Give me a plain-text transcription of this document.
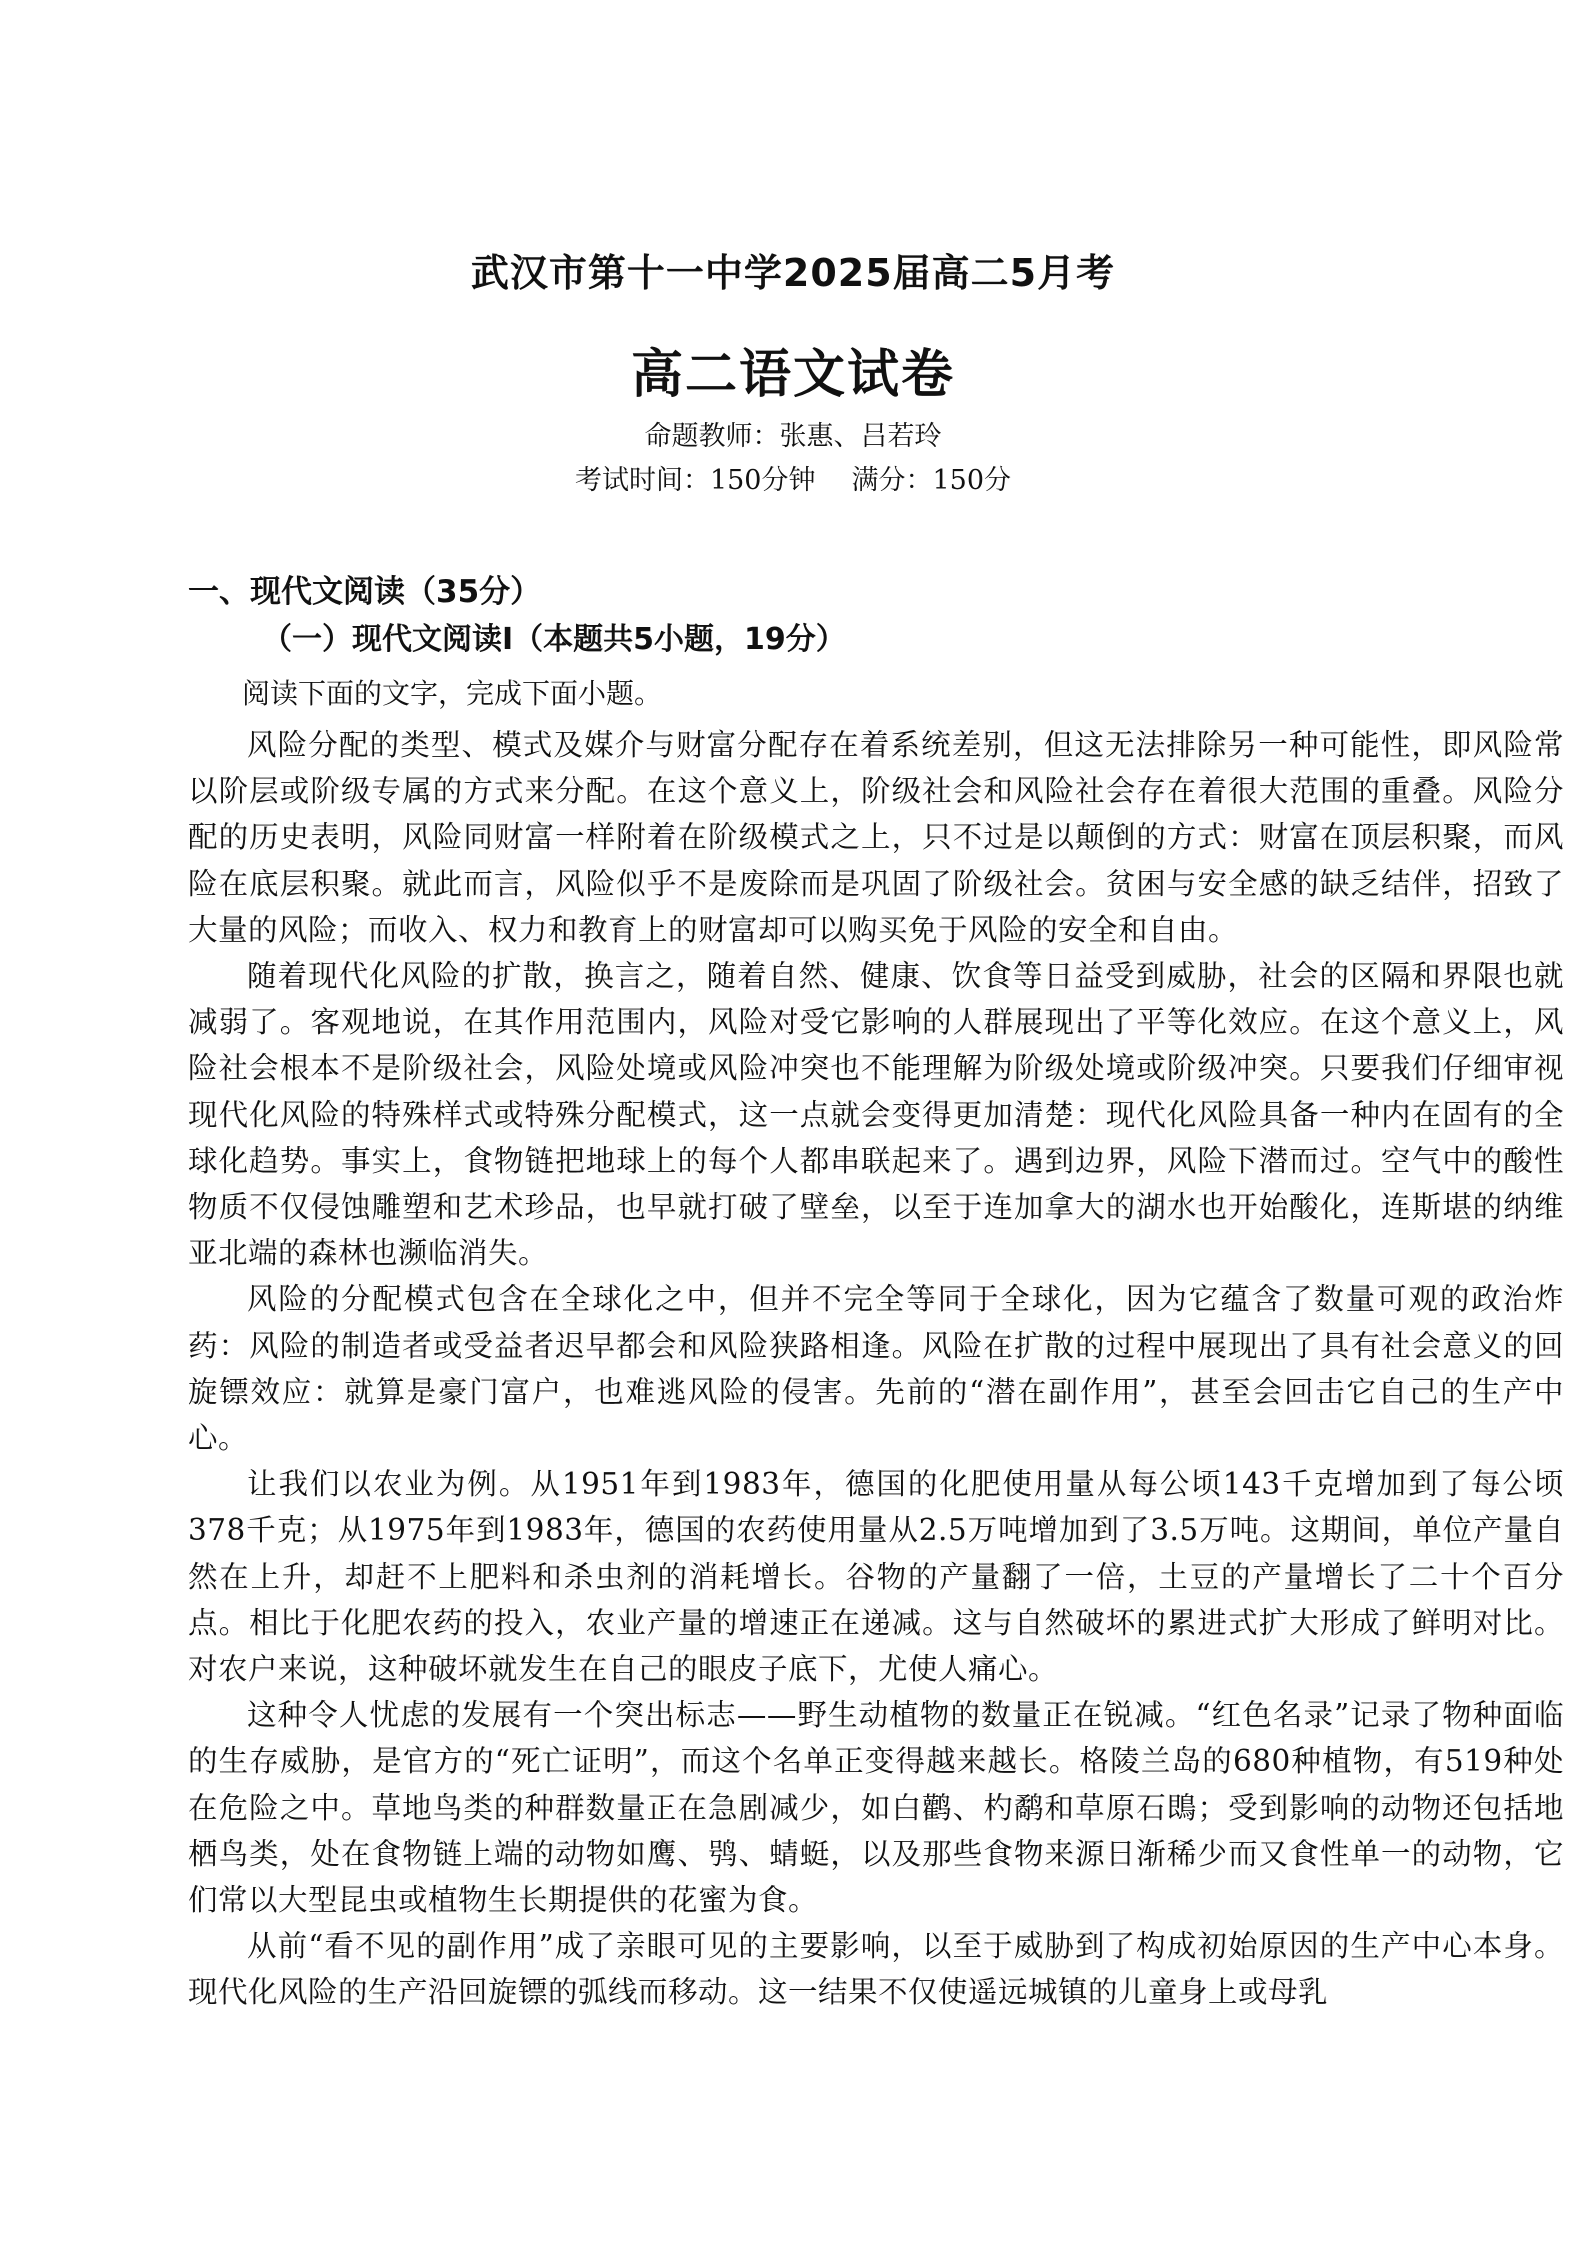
武汉市第十一中学2025届高二5月考
高二语文试卷
命题教师：张惠、吕若玲
考试时间：150分钟 满分：150分
一、现代文阅读（35分）
（一）现代文阅读Ⅰ（本题共5小题，19分）
阅读下面的文字，完成下面小题。

风险分配的类型、模式及媒介与财富分配存在着系统差别，但这无法排除另一种可能性，即风险常以阶层或阶级专属的方式来分配。在这个意义上，阶级社会和风险社会存在着很大范围的重叠。风险分配的历史表明，风险同财富一样附着在阶级模式之上，只不过是以颠倒的方式：财富在顶层积聚，而风险在底层积聚。就此而言，风险似乎不是废除而是巩固了阶级社会。贫困与安全感的缺乏结伴，招致了大量的风险；而收入、权力和教育上的财富却可以购买免于风险的安全和自由。

随着现代化风险的扩散，换言之，随着自然、健康、饮食等日益受到威胁，社会的区隔和界限也就减弱了。客观地说，在其作用范围内，风险对受它影响的人群展现出了平等化效应。在这个意义上，风险社会根本不是阶级社会，风险处境或风险冲突也不能理解为阶级处境或阶级冲突。只要我们仔细审视现代化风险的特殊样式或特殊分配模式，这一点就会变得更加清楚：现代化风险具备一种内在固有的全球化趋势。事实上，食物链把地球上的每个人都串联起来了。遇到边界，风险下潜而过。空气中的酸性物质不仅侵蚀雕塑和艺术珍品，也早就打破了壁垒，以至于连加拿大的湖水也开始酸化，连斯堪的纳维亚北端的森林也濒临消失。

风险的分配模式包含在全球化之中，但并不完全等同于全球化，因为它蕴含了数量可观的政治炸药：风险的制造者或受益者迟早都会和风险狭路相逢。风险在扩散的过程中展现出了具有社会意义的回旋镖效应：就算是豪门富户，也难逃风险的侵害。先前的“潜在副作用”，甚至会回击它自己的生产中心。

让我们以农业为例。从1951年到1983年，德国的化肥使用量从每公顷143千克增加到了每公顷378千克；从1975年到1983年，德国的农药使用量从2.5万吨增加到了3.5万吨。这期间，单位产量自然在上升，却赶不上肥料和杀虫剂的消耗增长。谷物的产量翻了一倍，土豆的产量增长了二十个百分点。相比于化肥农药的投入，农业产量的增速正在递减。这与自然破坏的累进式扩大形成了鲜明对比。对农户来说，这种破坏就发生在自己的眼皮子底下，尤使人痛心。

这种令人忧虑的发展有一个突出标志——野生动植物的数量正在锐减。“红色名录”记录了物种面临的生存威胁，是官方的“死亡证明”，而这个名单正变得越来越长。格陵兰岛的680种植物，有519种处在危险之中。草地鸟类的种群数量正在急剧减少，如白鹳、杓鹬和草原石鵖；受到影响的动物还包括地栖鸟类，处在食物链上端的动物如鹰、鸮、蜻蜓，以及那些食物来源日渐稀少而又食性单一的动物，它们常以大型昆虫或植物生长期提供的花蜜为食。

从前“看不见的副作用”成了亲眼可见的主要影响，以至于威胁到了构成初始原因的生产中心本身。现代化风险的生产沿回旋镖的弧线而移动。这一结果不仅使遥远城镇的儿童身上或母乳
